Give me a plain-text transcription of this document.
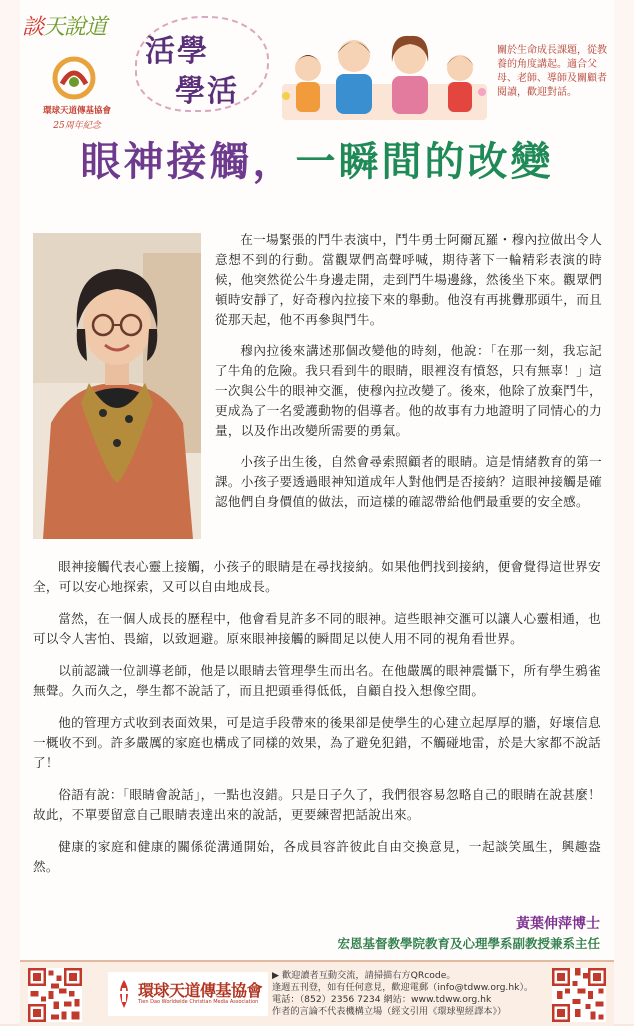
談天說道
環球天道傳基協會
25周年紀念
活學
學活
關於生命成長課題，從教養的角度講起。適合父母、老師、導師及關顧者閱讀，歡迎對話。
眼神接觸，一瞬間的改變

在一場緊張的鬥牛表演中，鬥牛勇士阿爾瓦羅・穆內拉做出令人意想不到的行動。當觀眾們高聲呼喊，期待著下一輪精彩表演的時候，他突然從公牛身邊走開，走到鬥牛場邊緣，然後坐下來。觀眾們頓時安靜了，好奇穆內拉接下來的舉動。他沒有再挑釁那頭牛，而且從那天起，他不再參與鬥牛。

穆內拉後來講述那個改變他的時刻，他說：「在那一刻，我忘記了牛角的危險。我只看到牛的眼睛，眼裡沒有憤怒，只有無辜！」這一次與公牛的眼神交滙，使穆內拉改變了。後來，他除了放棄鬥牛，更成為了一名愛護動物的倡導者。他的故事有力地證明了同情心的力量，以及作出改變所需要的勇氣。

小孩子出生後，自然會尋索照顧者的眼睛。這是情緒教育的第一課。小孩子要透過眼神知道成年人對他們是否接納？這眼神接觸是確認他們自身價值的做法，而這樣的確認帶給他們最重要的安全感。

眼神接觸代表心靈上接觸，小孩子的眼睛是在尋找接納。如果他們找到接納，便會覺得這世界安全，可以安心地探索，又可以自由地成長。

當然，在一個人成長的歷程中，他會看見許多不同的眼神。這些眼神交滙可以讓人心靈相通，也可以令人害怕、畏縮，以致迴避。原來眼神接觸的瞬間足以使人用不同的視角看世界。

以前認識一位訓導老師，他是以眼睛去管理學生而出名。在他嚴厲的眼神震懾下，所有學生鴉雀無聲。久而久之，學生都不說話了，而且把頭垂得低低，自顧自投入想像空間。

他的管理方式收到表面效果，可是這手段帶來的後果卻是使學生的心建立起厚厚的牆，好壞信息一概收不到。許多嚴厲的家庭也構成了同樣的效果，為了避免犯錯，不觸碰地雷，於是大家都不說話了！

俗語有說：「眼睛會說話」，一點也沒錯。只是日子久了，我們很容易忽略自己的眼睛在說甚麼！故此，不單要留意自己眼睛表達出來的說話，更要練習把話說出來。

健康的家庭和健康的關係從溝通開始，各成員容許彼此自由交換意見，一起談笑風生，興趣盎然。

黃葉伸萍博士
宏恩基督教學院教育及心理學系副教授兼系主任
環球天道傳基協會
Tien Dao Worldwide Christian Media Association
▶ 歡迎讀者互動交流，請掃描右方QRcode。
逢週五刊登，如有任何意見，歡迎電郵（info@tdww.org.hk）。
電話：（852）2356 7234 網站：www.tdww.org.hk
作者的言論不代表機構立場（經文引用《環球聖經譯本》）
